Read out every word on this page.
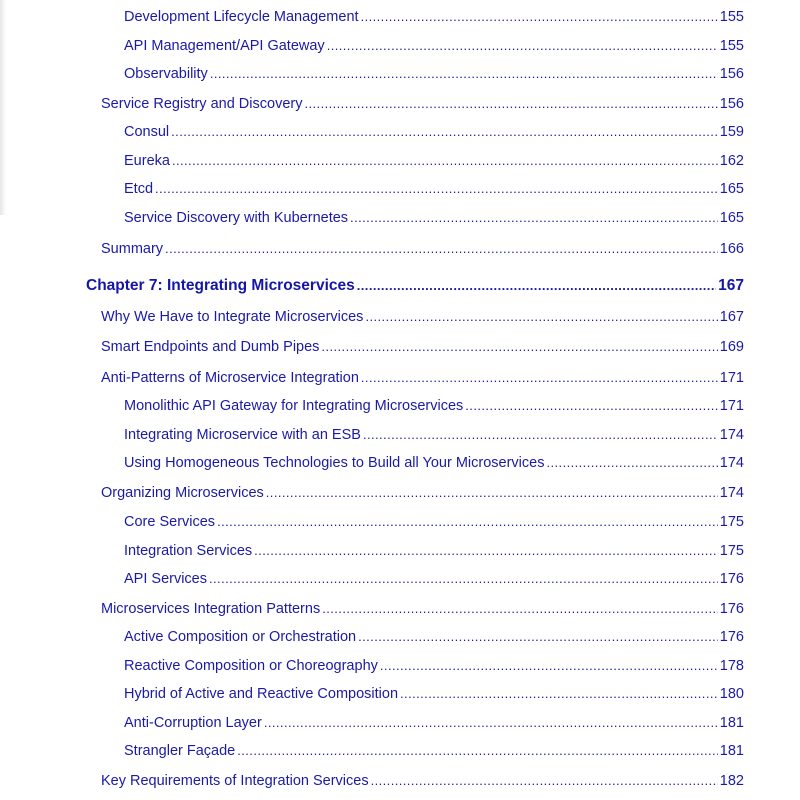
Development Lifecycle Management . . .	155
API Management/API Gateway . . .	155
Observability . . .	156
Service Registry and Discovery . . .	156
Consul . . .	159
Eureka . . .	162
Etcd . . .	165
Service Discovery with Kubernetes . . .	165
Summary . . .	166
Chapter 7: Integrating Microservices . . .	167
Why We Have to Integrate Microservices . . .	167
Smart Endpoints and Dumb Pipes . . .	169
Anti-Patterns of Microservice Integration . . .	171
Monolithic API Gateway for Integrating Microservices . . .	171
Integrating Microservice with an ESB . . .	174
Using Homogeneous Technologies to Build all Your Microservices . . .	174
Organizing Microservices . . .	174
Core Services . . .	175
Integration Services . . .	175
API Services . . .	176
Microservices Integration Patterns . . .	176
Active Composition or Orchestration . . .	176
Reactive Composition or Choreography . . .	178
Hybrid of Active and Reactive Composition . . .	180
Anti-Corruption Layer . . .	181
Strangler Façade . . .	181
Key Requirements of Integration Services . . .	182
